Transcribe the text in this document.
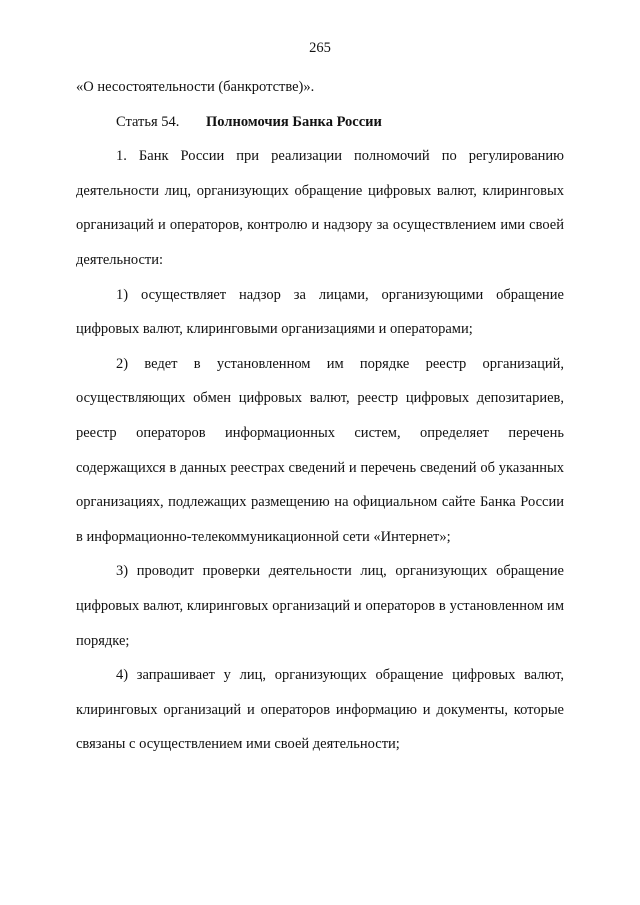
265

«О несостоятельности (банкротстве)».

Статья 54. Полномочия Банка России

1. Банк России при реализации полномочий по регулированию деятельности лиц, организующих обращение цифровых валют, клиринговых организаций и операторов, контролю и надзору за осуществлением ими своей деятельности:

1) осуществляет надзор за лицами, организующими обращение цифровых валют, клиринговыми организациями и операторами;

2) ведет в установленном им порядке реестр организаций, осуществляющих обмен цифровых валют, реестр цифровых депозитариев, реестр операторов информационных систем, определяет перечень содержащихся в данных реестрах сведений и перечень сведений об указанных организациях, подлежащих размещению на официальном сайте Банка России в информационно-телекоммуникационной сети «Интернет»;

3) проводит проверки деятельности лиц, организующих обращение цифровых валют, клиринговых организаций и операторов в установленном им порядке;

4) запрашивает у лиц, организующих обращение цифровых валют, клиринговых организаций и операторов информацию и документы, которые связаны с осуществлением ими своей деятельности;
